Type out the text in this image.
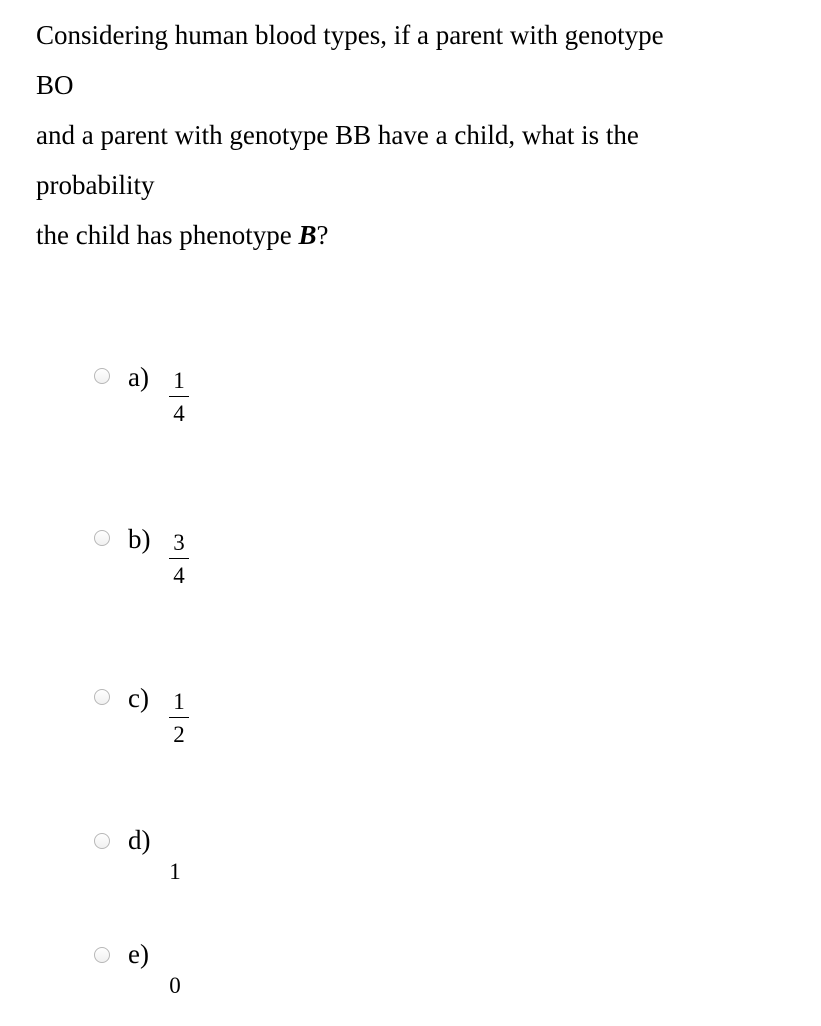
Considering human blood types, if a parent with genotype
BO
and a parent with genotype BB have a child, what is the
probability
the child has phenotype B?
a) 1
4
b) 3
4
c) 1
2
d)
1
e)
0
